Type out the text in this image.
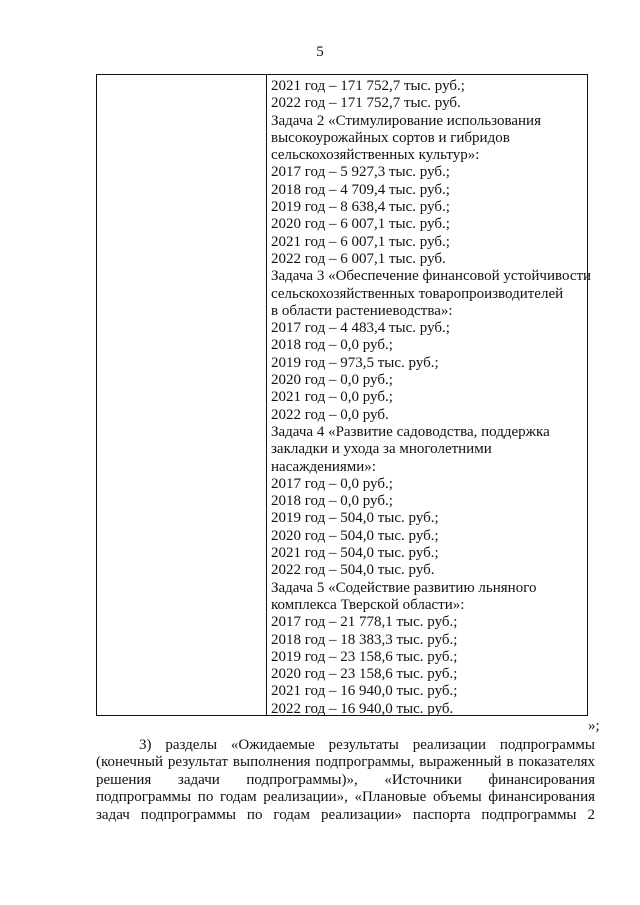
5
2021 год – 171 752,7 тыс. руб.;
2022 год – 171 752,7 тыс. руб.
Задача 2 «Стимулирование использования
высокоурожайных сортов и гибридов
сельскохозяйственных культур»:
2017 год – 5 927,3 тыс. руб.;
2018 год – 4 709,4 тыс. руб.;
2019 год – 8 638,4 тыс. руб.;
2020 год – 6 007,1 тыс. руб.;
2021 год – 6 007,1 тыс. руб.;
2022 год – 6 007,1 тыс. руб.
Задача 3 «Обеспечение финансовой устойчивости
сельскохозяйственных товаропроизводителей
в области растениеводства»:
2017 год – 4 483,4 тыс. руб.;
2018 год – 0,0 руб.;
2019 год – 973,5 тыс. руб.;
2020 год – 0,0 руб.;
2021 год – 0,0 руб.;
2022 год – 0,0 руб.
Задача 4 «Развитие садоводства, поддержка
закладки и ухода за многолетними
насаждениями»:
2017 год – 0,0 руб.;
2018 год – 0,0 руб.;
2019 год – 504,0 тыс. руб.;
2020 год – 504,0 тыс. руб.;
2021 год – 504,0 тыс. руб.;
2022 год – 504,0 тыс. руб.
Задача 5 «Содействие развитию льняного
комплекса Тверской области»:
2017 год – 21 778,1 тыс. руб.;
2018 год – 18 383,3 тыс. руб.;
2019 год – 23 158,6 тыс. руб.;
2020 год – 23 158,6 тыс. руб.;
2021 год – 16 940,0 тыс. руб.;
2022 год – 16 940,0 тыс. руб.
»;
3) разделы «Ожидаемые результаты реализации подпрограммы
(конечный результат выполнения подпрограммы, выраженный в показателях
решения задачи подпрограммы)», «Источники финансирования
подпрограммы по годам реализации», «Плановые объемы финансирования
задач подпрограммы по годам реализации» паспорта подпрограммы 2
